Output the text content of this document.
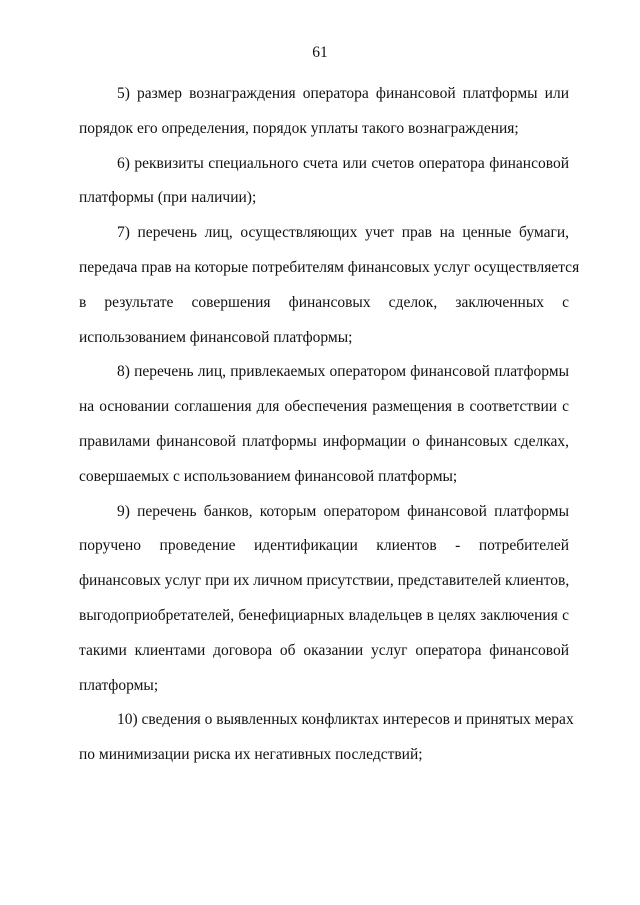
61

5) размер вознаграждения оператора финансовой платформы или
порядок его определения, порядок уплаты такого вознаграждения;

6) реквизиты специального счета или счетов оператора финансовой
платформы (при наличии);

7) перечень лиц, осуществляющих учет прав на ценные бумаги,
передача прав на которые потребителям финансовых услуг осуществляется
в результате совершения финансовых сделок, заключенных с
использованием финансовой платформы;

8) перечень лиц, привлекаемых оператором финансовой платформы
на основании соглашения для обеспечения размещения в соответствии с
правилами финансовой платформы информации о финансовых сделках,
совершаемых с использованием финансовой платформы;

9) перечень банков, которым оператором финансовой платформы
поручено проведение идентификации клиентов - потребителей
финансовых услуг при их личном присутствии, представителей клиентов,
выгодоприобретателей, бенефициарных владельцев в целях заключения с
такими клиентами договора об оказании услуг оператора финансовой
платформы;

10) сведения о выявленных конфликтах интересов и принятых мерах
по минимизации риска их негативных последствий;
